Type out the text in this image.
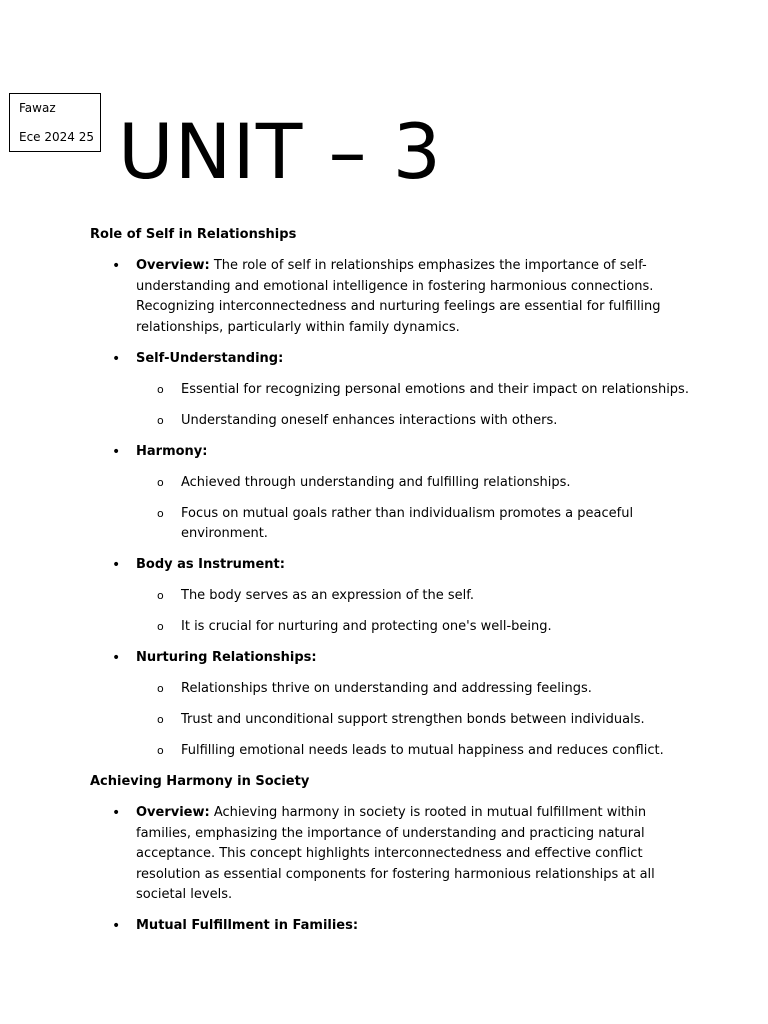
Fawaz
Ece 2024 25 UNIT – 3
Role of Self in Relationships
• Overview: The role of self in relationships emphasizes the importance of self-understanding and emotional intelligence in fostering harmonious connections. Recognizing interconnectedness and nurturing feelings are essential for fulfilling relationships, particularly within family dynamics.
• Self-Understanding:
o Essential for recognizing personal emotions and their impact on relationships.
o Understanding oneself enhances interactions with others.
• Harmony:
o Achieved through understanding and fulfilling relationships.
o Focus on mutual goals rather than individualism promotes a peaceful environment.
• Body as Instrument:
o The body serves as an expression of the self.
o It is crucial for nurturing and protecting one's well-being.
• Nurturing Relationships:
o Relationships thrive on understanding and addressing feelings.
o Trust and unconditional support strengthen bonds between individuals.
o Fulfilling emotional needs leads to mutual happiness and reduces conflict.
Achieving Harmony in Society
• Overview: Achieving harmony in society is rooted in mutual fulfillment within families, emphasizing the importance of understanding and practicing natural acceptance. This concept highlights interconnectedness and effective conflict resolution as essential components for fostering harmonious relationships at all societal levels.
• Mutual Fulfillment in Families:
